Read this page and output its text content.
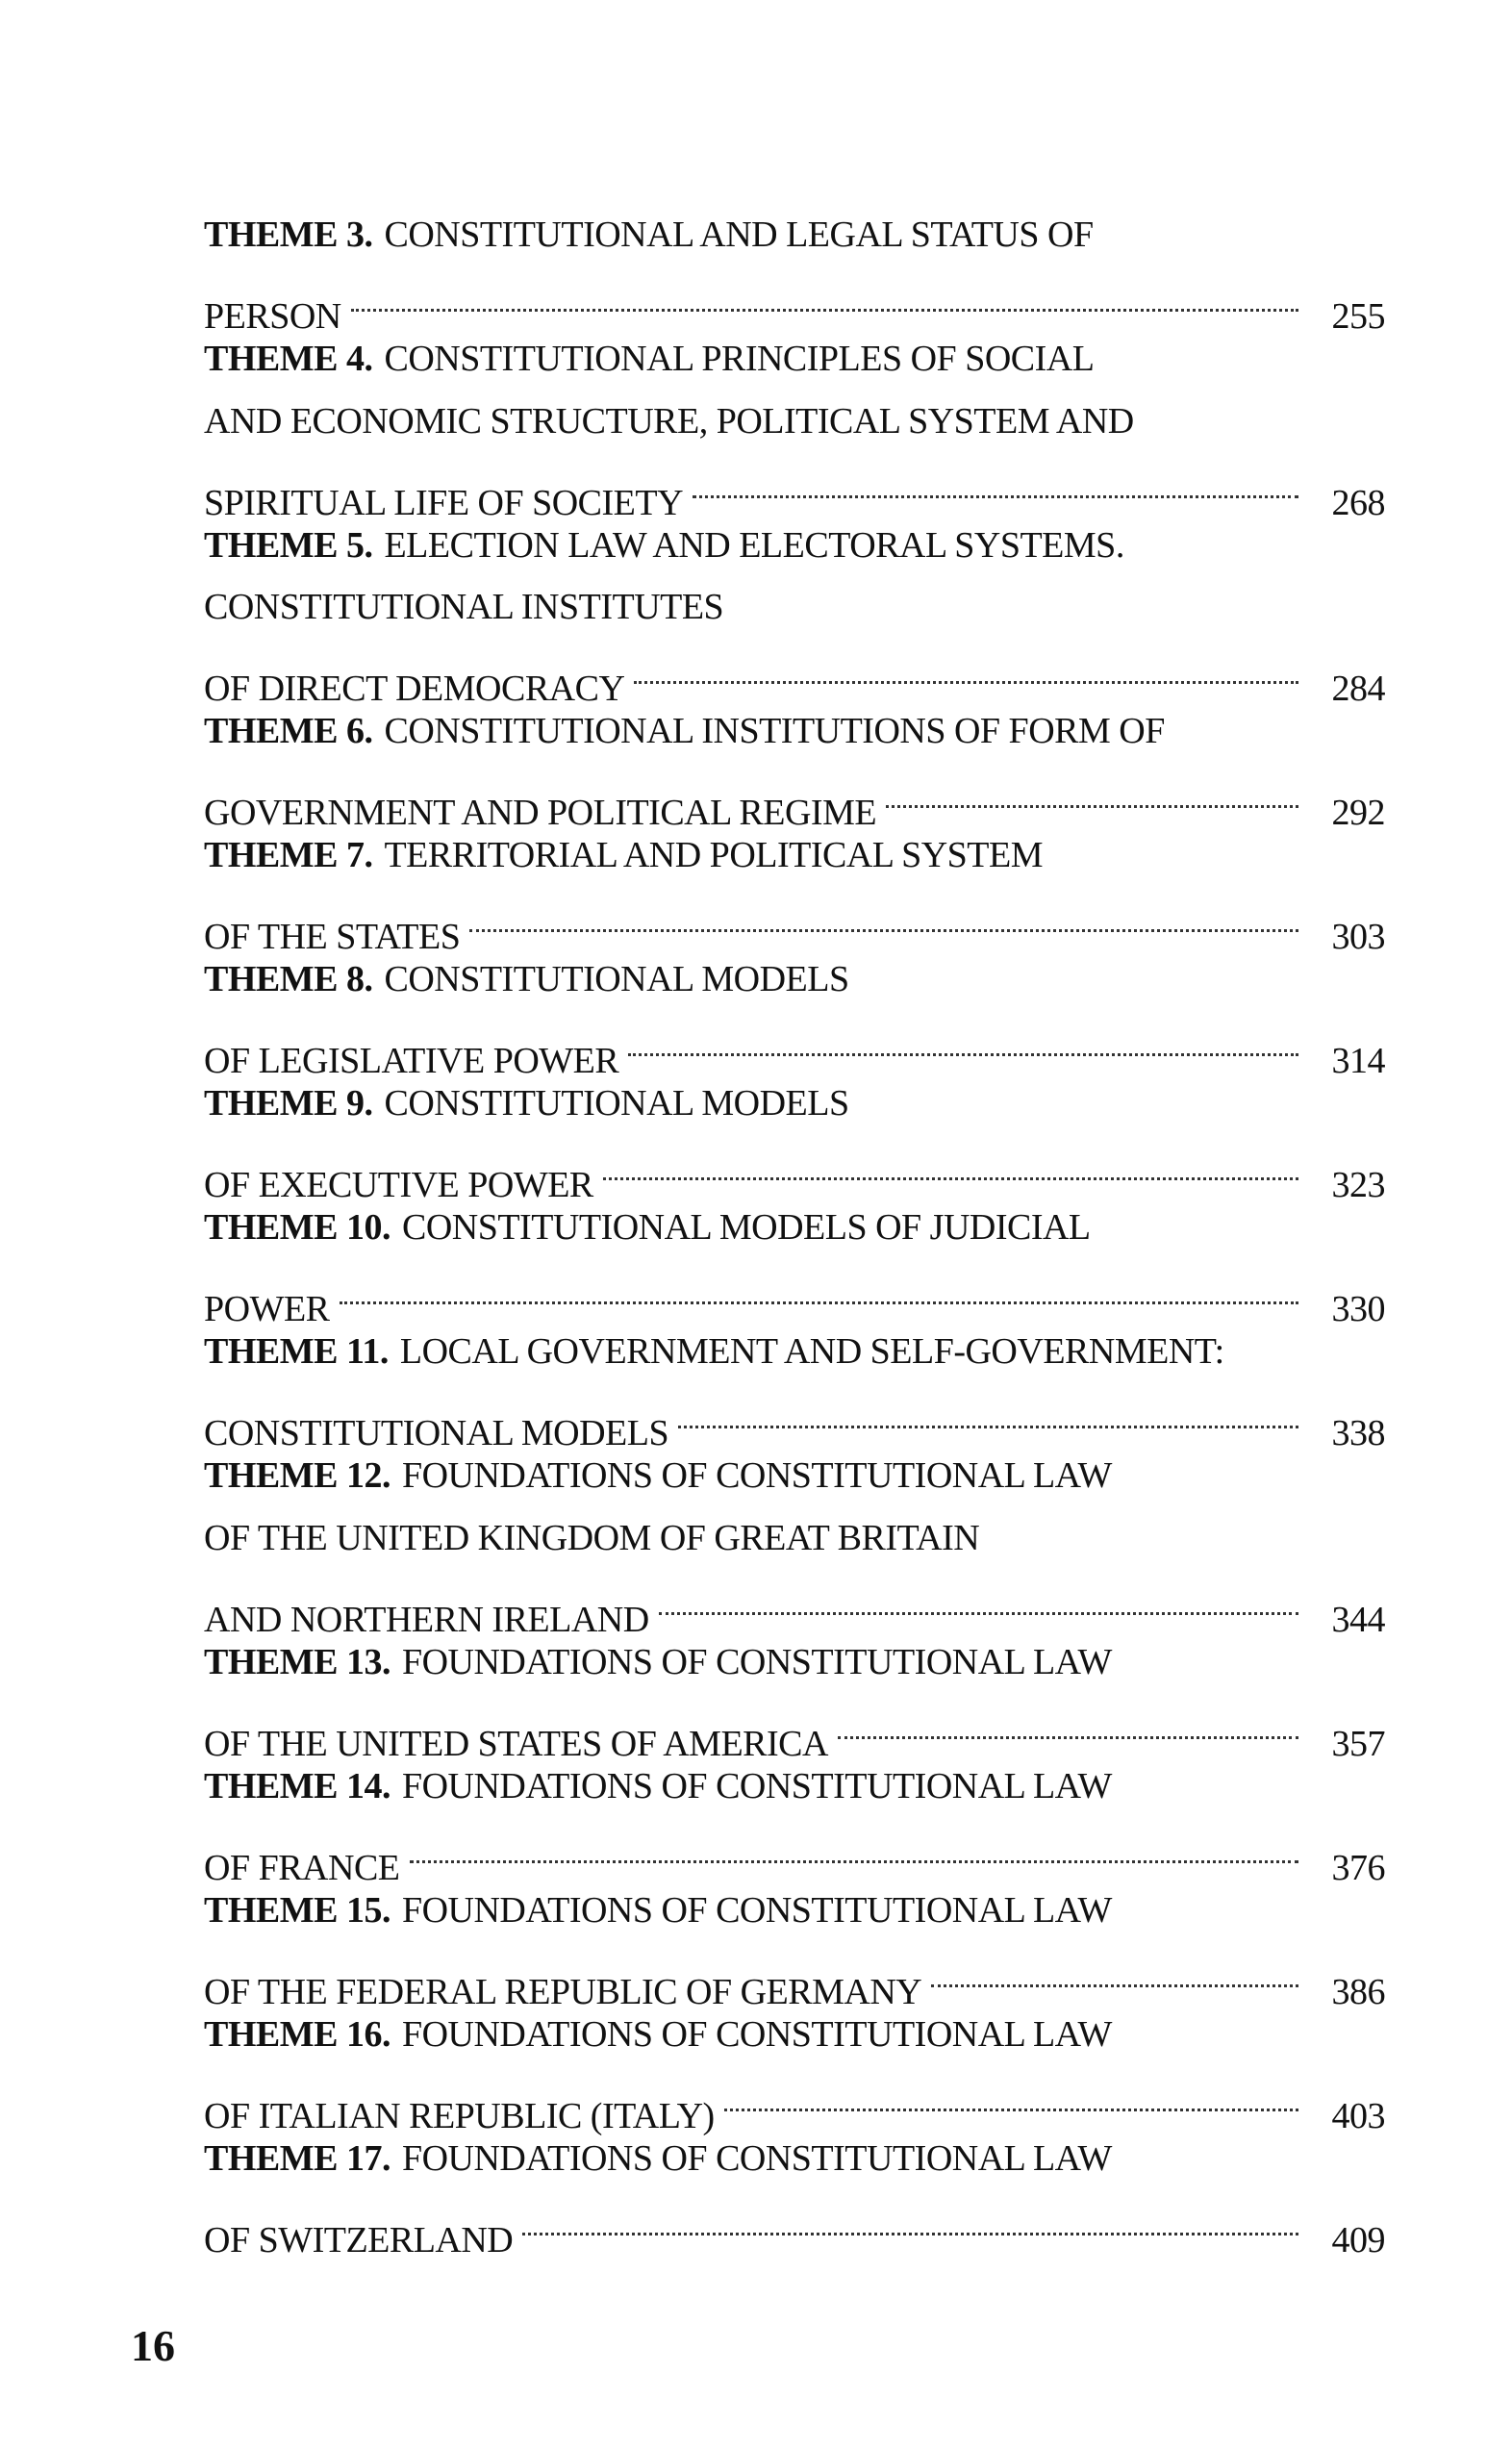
THEME 3. CONSTITUTIONAL AND LEGAL STATUS OF
PERSON	255
THEME 4. CONSTITUTIONAL PRINCIPLES OF SOCIAL
AND ECONOMIC STRUCTURE, POLITICAL SYSTEM AND
SPIRITUAL LIFE OF SOCIETY	268
THEME 5. ELECTION LAW AND ELECTORAL SYSTEMS.
CONSTITUTIONAL INSTITUTES
OF DIRECT DEMOCRACY	284
THEME 6. CONSTITUTIONAL INSTITUTIONS OF FORM OF
GOVERNMENT AND POLITICAL REGIME	292
THEME 7. TERRITORIAL AND POLITICAL SYSTEM
OF THE STATES	303
THEME 8. CONSTITUTIONAL MODELS
OF LEGISLATIVE POWER	314
THEME 9. CONSTITUTIONAL MODELS
OF EXECUTIVE POWER	323
THEME 10. CONSTITUTIONAL MODELS OF JUDICIAL
POWER	330
THEME 11. LOCAL GOVERNMENT AND SELF-GOVERNMENT:
CONSTITUTIONAL MODELS	338
THEME 12. FOUNDATIONS OF CONSTITUTIONAL LAW
OF THE UNITED KINGDOM OF GREAT BRITAIN
AND NORTHERN IRELAND	344
THEME 13. FOUNDATIONS OF CONSTITUTIONAL LAW
OF THE UNITED STATES OF AMERICA	357
THEME 14. FOUNDATIONS OF CONSTITUTIONAL LAW
OF FRANCE	376
THEME 15. FOUNDATIONS OF CONSTITUTIONAL LAW
OF THE FEDERAL REPUBLIC OF GERMANY	386
THEME 16. FOUNDATIONS OF CONSTITUTIONAL LAW
OF ITALIAN REPUBLIC (ITALY)	403
THEME 17. FOUNDATIONS OF CONSTITUTIONAL LAW
OF SWITZERLAND	409
16
